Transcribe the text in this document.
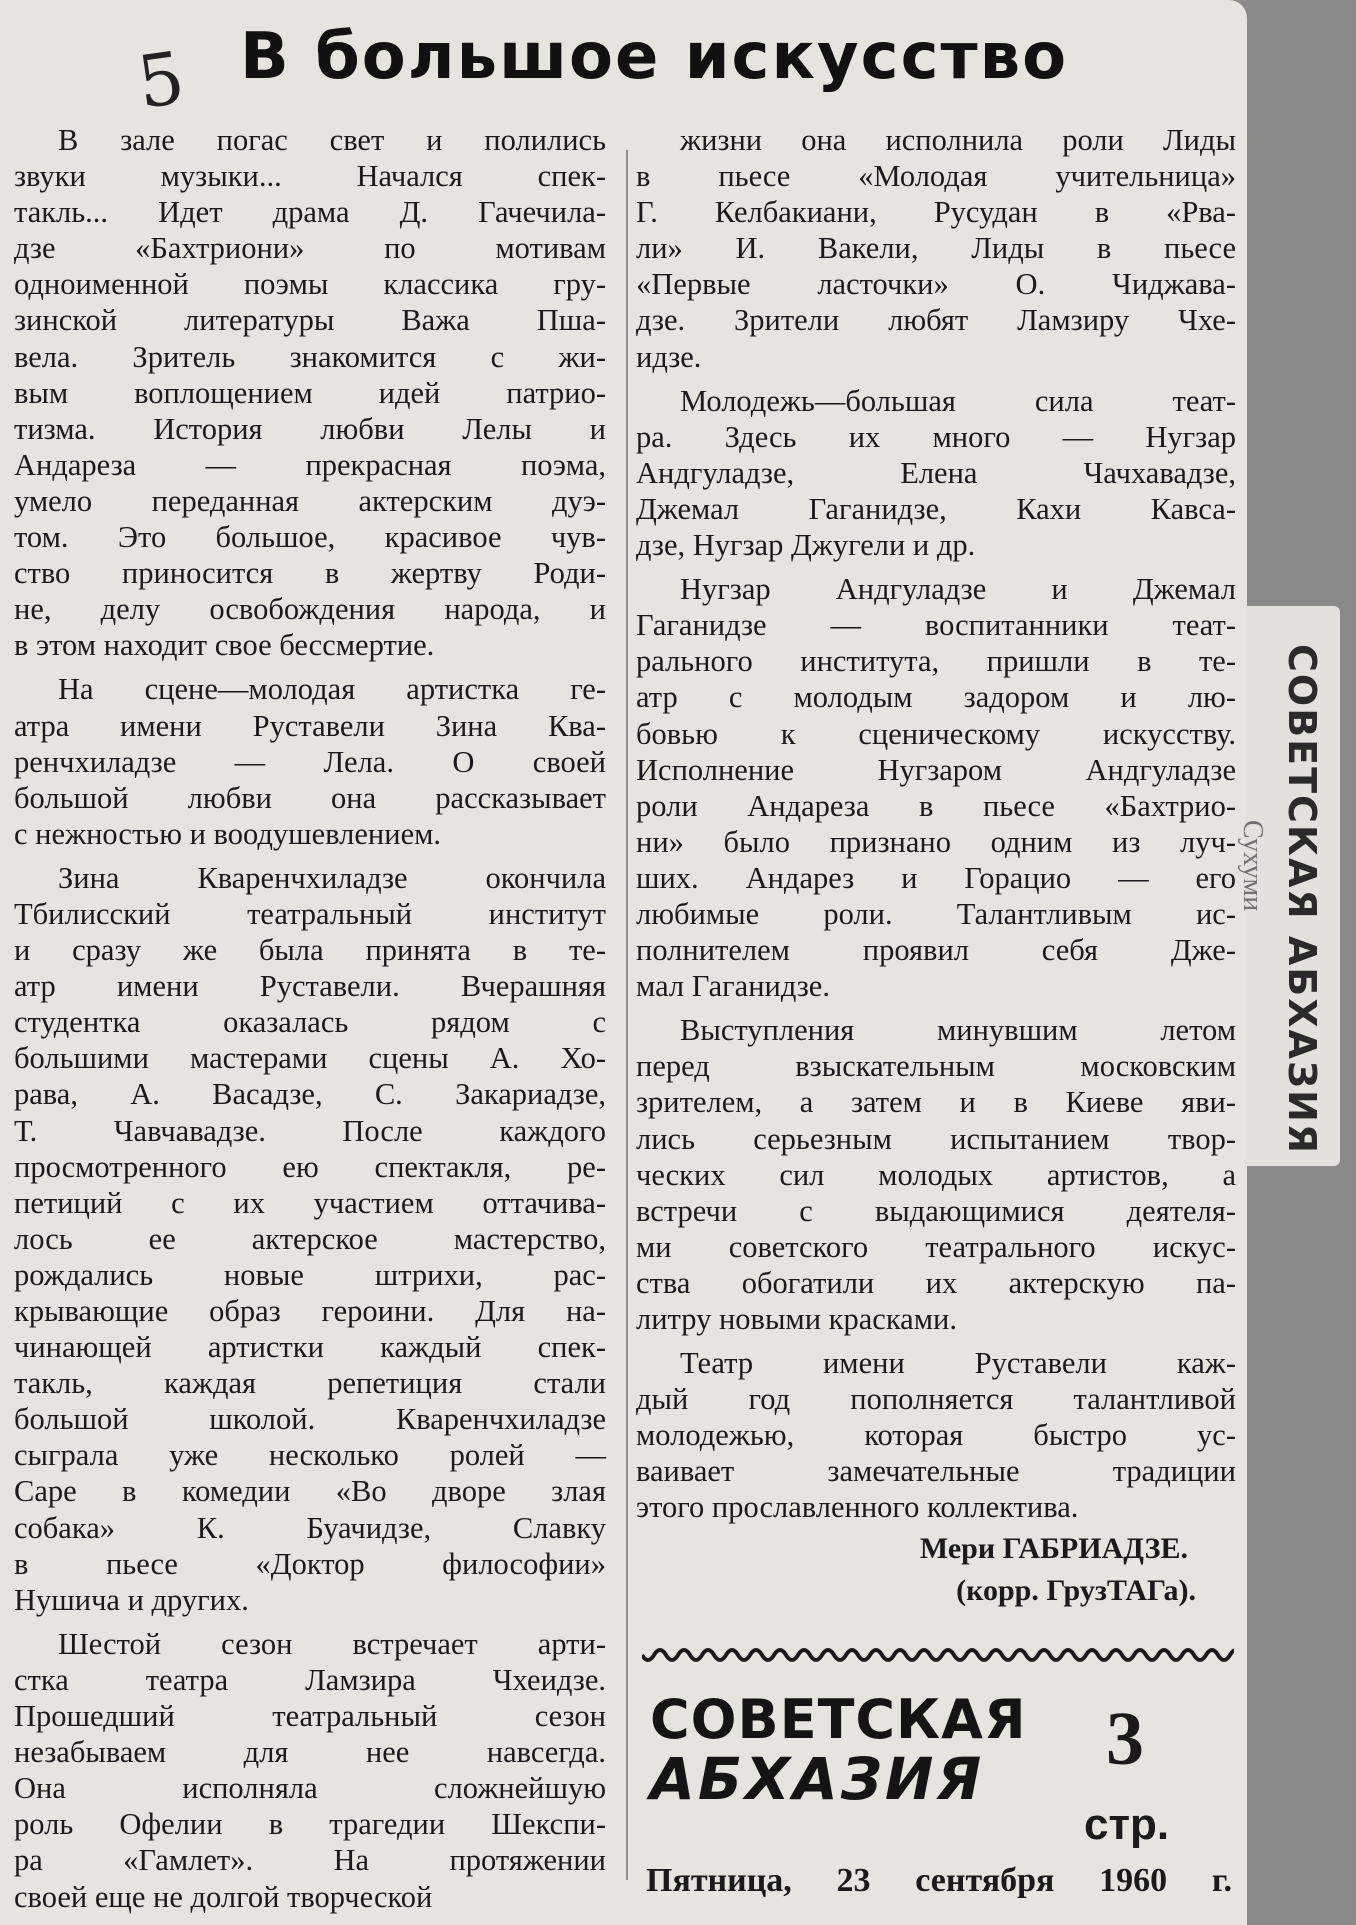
5 В большое искусство

В зале погас свет и полились
звуки музыки... Начался спек-
такль... Идет драма Д. Гачечила-
дзе «Бахтриони» по мотивам
одноименной поэмы классика гру-
зинской литературы Важа Пша-
вела. Зритель знакомится с жи-
вым воплощением идей патрио-
тизма. История любви Лелы и
Андареза — прекрасная поэма,
умело переданная актерским дуэ-
том. Это большое, красивое чув-
ство приносится в жертву Роди-
не, делу освобождения народа, и
в этом находит свое бессмертие.

На сцене—молодая артистка ге-
атра имени Руставели Зина Ква-
ренчхиладзе — Лела. О своей
большой любви она рассказывает
с нежностью и воодушевлением.

Зина Кваренчхиладзе окончила
Тбилисский театральный институт
и сразу же была принята в те-
атр имени Руставели. Вчерашняя
студентка оказалась рядом с
большими мастерами сцены А. Хо-
рава, А. Васадзе, С. Закариадзе,
Т. Чавчавадзе. После каждого
просмотренного ею спектакля, ре-
петиций с их участием оттачива-
лось ее актерское мастерство,
рождались новые штрихи, рас-
крывающие образ героини. Для на-
чинающей артистки каждый спек-
такль, каждая репетиция стали
большой школой. Кваренчхиладзе
сыграла уже несколько ролей —
Саре в комедии «Во дворе злая
собака» К. Буачидзе, Славку
в пьесе «Доктор философии»
Нушича и других.

Шестой сезон встречает арти-
стка театра Ламзира Чхеидзе.
Прошедший театральный сезон
незабываем для нее навсегда.
Она исполняла сложнейшую
роль Офелии в трагедии Шекспи-
ра «Гамлет». На протяжении
своей еще не долгой творческой

жизни она исполнила роли Лиды
в пьесе «Молодая учительница»
Г. Келбакиани, Русудан в «Рва-
ли» И. Вакели, Лиды в пьесе
«Первые ласточки» О. Чиджава-
дзе. Зрители любят Ламзиру Чхе-
идзе.

Молодежь—большая сила теат-
ра. Здесь их много — Нугзар
Андгуладзе, Елена Чачхавадзе,
Джемал Гаганидзе, Кахи Кавса-
дзе, Нугзар Джугели и др.

Нугзар Андгуладзе и Джемал
Гаганидзе — воспитанники теат-
рального института, пришли в те-
атр с молодым задором и лю-
бовью к сценическому искусству.
Исполнение Нугзаром Андгуладзе
роли Андареза в пьесе «Бахтрио-
ни» было признано одним из луч-
ших. Андарез и Горацио — его
любимые роли. Талантливым ис-
полнителем проявил себя Дже-
мал Гаганидзе.

Выступления минувшим летом
перед взыскательным московским
зрителем, а затем и в Киеве яви-
лись серьезным испытанием твор-
ческих сил молодых артистов, а
встречи с выдающимися деятеля-
ми советского театрального искус-
ства обогатили их актерскую па-
литру новыми красками.

Театр имени Руставели каж-
дый год пополняется талантливой
молодежью, которая быстро ус-
ваивает замечательные традиции
этого прославленного коллектива.

Мери ГАБРИАДЗЕ.
(корр. ГрузТАГа).
СОВЕТСКАЯ
АБХАЗИЯ	3
стр.
Пятница, 23 сентября 1960 г.
СОВЕТСКАЯ АБХАЗИЯ
Сухуми
